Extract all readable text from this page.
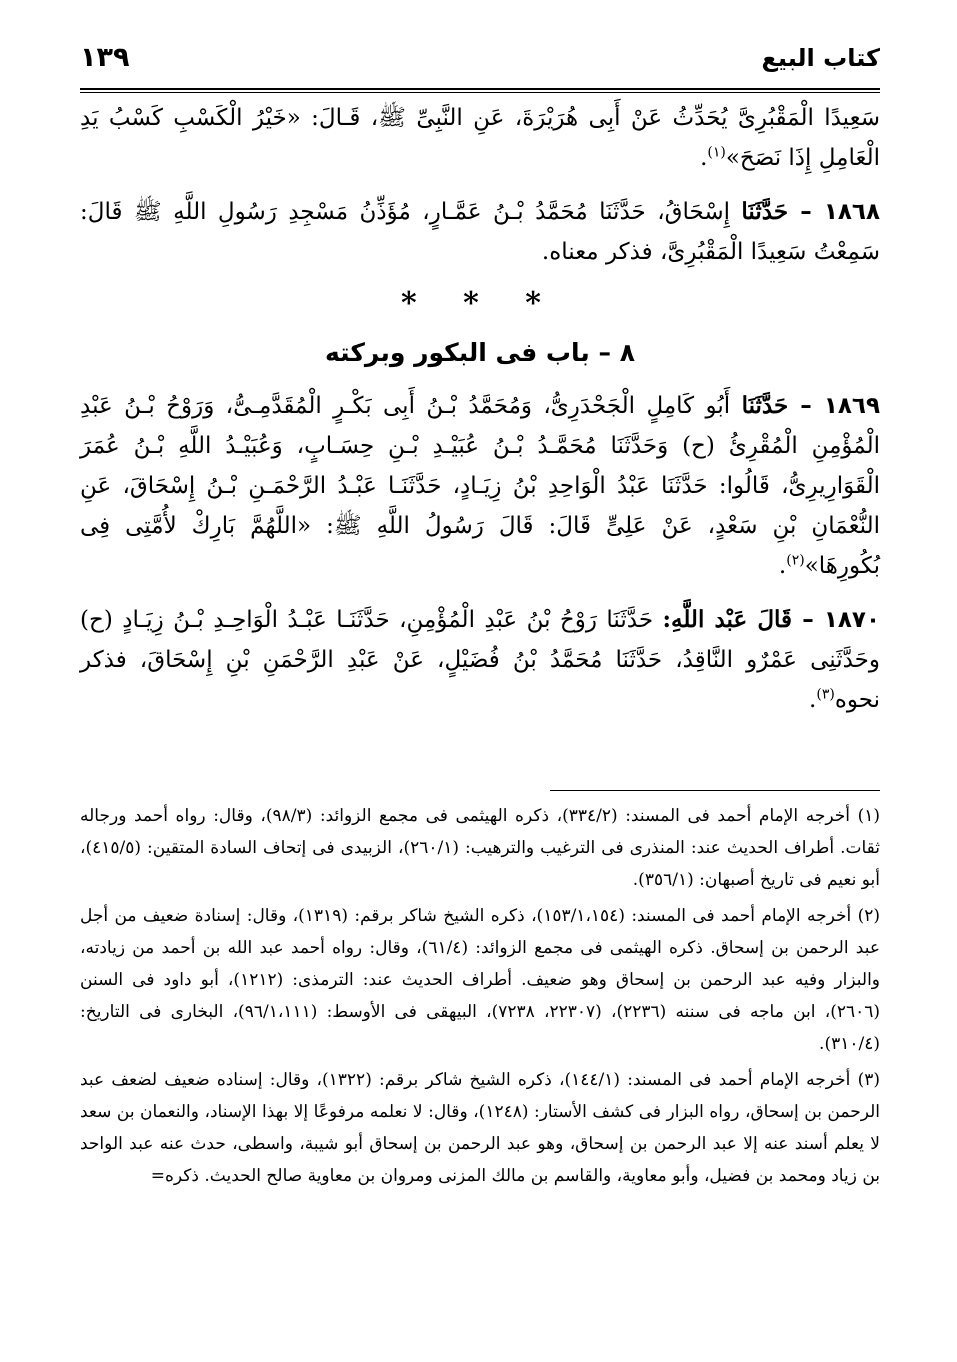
كتاب البيع
١٣٩

سَعِيدًا الْمَقْبُرِىَّ يُحَدِّثُ عَنْ أَبِى هُرَيْرَةَ، عَنِ النَّبِىِّ ﷺ، قَـالَ: «خَيْرُ الْكَسْبِ كَسْبُ يَدِ الْعَامِلِ إِذَا نَصَحَ»$^{(١)}$.

١٨٦٨ – حَدَّثَنَا إِسْحَاقُ، حَدَّثَنَا مُحَمَّدُ بْـنُ عَمَّـارٍ، مُؤَذِّنُ مَسْجِدِ رَسُولِ اللَّهِ ﷺ قَالَ: سَمِعْتُ سَعِيدًا الْمَقْبُرِىَّ، فذكر معناه.

* * *
٨ – باب فى البكور وبركته

١٨٦٩ – حَدَّثَنَا أَبُو كَامِلٍ الْجَحْدَرِىُّ، وَمُحَمَّدُ بْـنُ أَبِى بَكْـرٍ الْمُقَدَّمِـىُّ، وَرَوْحُ بْـنُ عَبْدِ الْمُؤْمِنِ الْمُقْرِئُ (ح) وَحَدَّثَنَا مُحَمَّـدُ بْـنُ عُبَيْـدِ بْـنِ حِسَـابٍ، وَعُبَيْـدُ اللَّهِ بْـنُ عُمَرَ الْقَوَارِيرِىُّ، قَالُوا: حَدَّثَنَا عَبْدُ الْوَاحِدِ بْنُ زِيَـادٍ، حَدَّثَنَـا عَبْـدُ الرَّحْمَـنِ بْـنُ إِسْحَاقَ، عَنِ النُّعْمَانِ بْنِ سَعْدٍ، عَنْ عَلِىٍّ قَالَ: قَالَ رَسُولُ اللَّهِ ﷺ: «اللَّهُمَّ بَارِكْ لأُمَّتِى فِى بُكُورِهَا»$^{(٢)}$.

١٨٧٠ – قَالَ عَبْد اللَّهِ: حَدَّثَنَا رَوْحُ بْنُ عَبْدِ الْمُؤْمِنِ، حَدَّثَنَـا عَبْـدُ الْوَاحِـدِ بْـنُ زِيَـادٍ (ح) وحَدَّثَنِى عَمْرٌو النَّاقِدُ، حَدَّثَنَا مُحَمَّدُ بْنُ فُضَيْلٍ، عَنْ عَبْدِ الرَّحْمَنِ بْنِ إِسْحَاقَ، فذكر نحوه$^{(٣)}$.

(١) أخرجه الإمام أحمد فى المسند: (٣٣٤/٢)، ذكره الهيثمى فى مجمع الزوائد: (٩٨/٣)، وقال: رواه أحمد ورجاله ثقات. أطراف الحديث عند: المنذرى فى الترغيب والترهيب: (٢٦٠/١)، الزبيدى فى إتحاف السادة المتقين: (٤١٥/٥)، أبو نعيم فى تاريخ أصبهان: (٣٥٦/١).

(٢) أخرجه الإمام أحمد فى المسند: (١٥٣/١،١٥٤)، ذكره الشيخ شاكر برقم: (١٣١٩)، وقال: إسنادة ضعيف من أجل عبد الرحمن بن إسحاق. ذكره الهيثمى فى مجمع الزوائد: (٦١/٤)، وقال: رواه أحمد عبد الله بن أحمد من زيادته، والبزار وفيه عبد الرحمن بن إسحاق وهو ضعيف. أطراف الحديث عند: الترمذى: (١٢١٢)، أبو داود فى السنن (٢٦٠٦)، ابن ماجه فى سننه (٢٢٣٦)، (٢٢٣٠٧، ٧٢٣٨)، البيهقى فى الأوسط: (٩٦/١،١١١)، البخارى فى التاريخ: (٣١٠/٤).

(٣) أخرجه الإمام أحمد فى المسند: (١٤٤/١)، ذكره الشيخ شاكر برقم: (١٣٢٢)، وقال: إسناده ضعيف لضعف عبد الرحمن بن إسحاق، رواه البزار فى كشف الأستار: (١٢٤٨)، وقال: لا نعلمه مرفوعًا إلا بهذا الإسناد، والنعمان بن سعد لا يعلم أسند عنه إلا عبد الرحمن بن إسحاق، وهو عبد الرحمن بن إسحاق أبو شيبة، واسطى، حدث عنه عبد الواحد بن زياد ومحمد بن فضيل، وأبو معاوية، والقاسم بن مالك المزنى ومروان بن معاوية صالح الحديث. ذكره=
